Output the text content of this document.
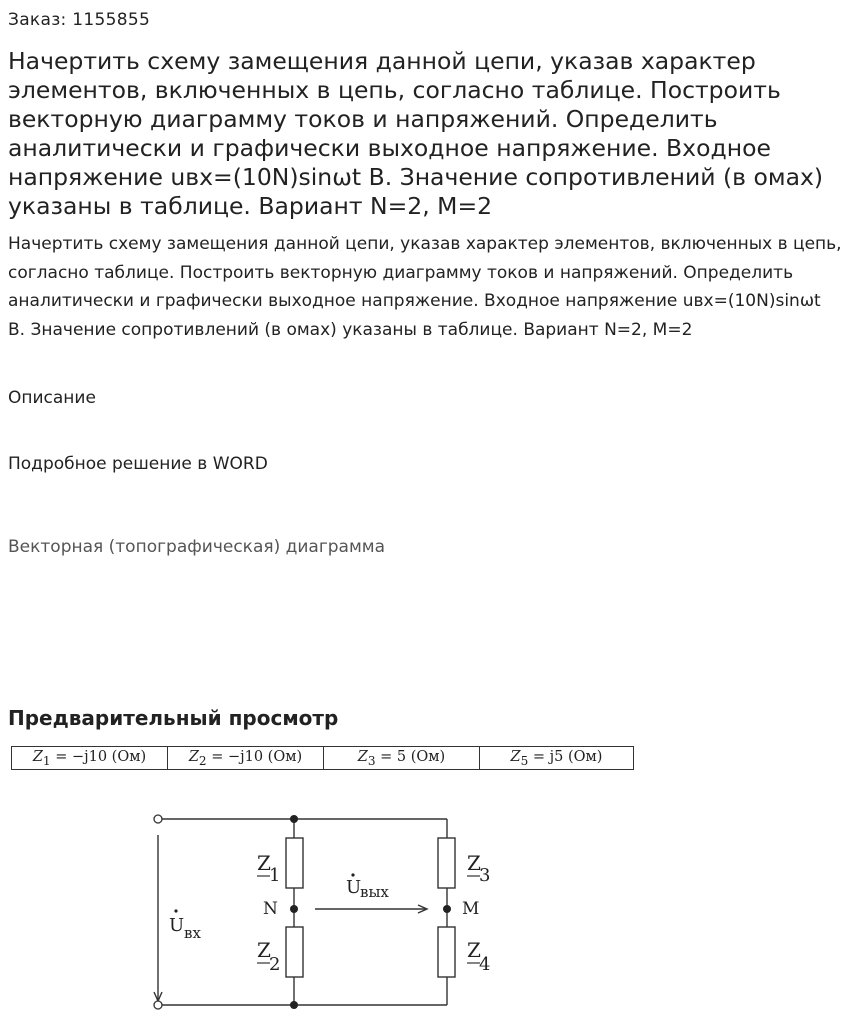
Заказ: 1155855
Начертить схему замещения данной цепи, указав характер элементов, включенных в цепь, согласно таблице. Построить векторную диаграмму токов и напряжений. Определить аналитически и графически выходное напряжение. Входное напряжение uвх=(10N)sinωt В. Значение сопротивлений (в омах) указаны в таблице. Вариант N=2, M=2
Начертить схему замещения данной цепи, указав характер элементов, включенных в цепь, согласно таблице. Построить векторную диаграмму токов и напряжений. Определить аналитически и графически выходное напряжение. Входное напряжение uвх=(10N)sinωt В. Значение сопротивлений (в омах) указаны в таблице. Вариант N=2, M=2
Описание
Подробное решение в WORD
Векторная (топографическая) диаграмма
Предварительный просмотр
$Z_1 = -j10$ (Ом)	$Z_2 = -j10$ (Ом)	$Z_3 = 5$ (Ом)	$Z_5 = j5$ (Ом)
Z
1
Z
2
Z
3
Z
4
N	M
U
вых
U вх
